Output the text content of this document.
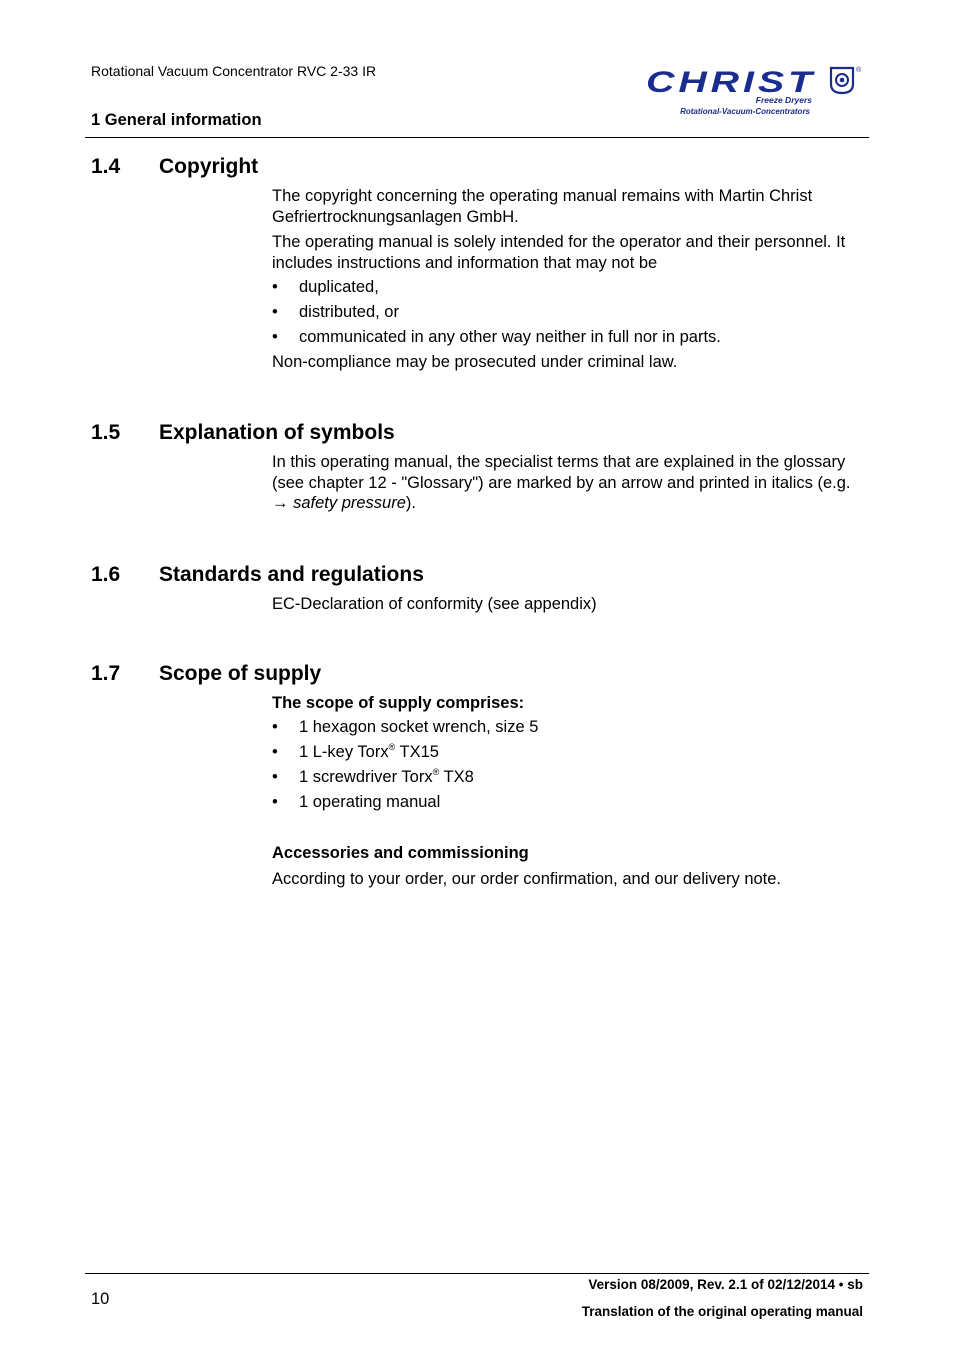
Rotational Vacuum Concentrator RVC 2-33 IR
1 General information
CHRIST	®
Freeze Dryers
Rotational-Vacuum-Concentrators
1.4 Copyright
The copyright concerning the operating manual remains with Martin Christ Gefriertrocknungsanlagen GmbH.
The operating manual is solely intended for the operator and their personnel. It includes instructions and information that may not be
• duplicated,
• distributed, or
• communicated in any other way neither in full nor in parts.
Non-compliance may be prosecuted under criminal law.
1.5 Explanation of symbols
In this operating manual, the specialist terms that are explained in the glossary (see chapter 12 - "Glossary") are marked by an arrow and printed in italics (e.g. → safety pressure).
1.6 Standards and regulations
EC-Declaration of conformity (see appendix)
1.7 Scope of supply
The scope of supply comprises:
• 1 hexagon socket wrench, size 5
• 1 L-key Torx® TX15
• 1 screwdriver Torx® TX8
• 1 operating manual
Accessories and commissioning
According to your order, our order confirmation, and our delivery note.
10
Version 08/2009, Rev. 2.1 of 02/12/2014 • sb
Translation of the original operating manual
